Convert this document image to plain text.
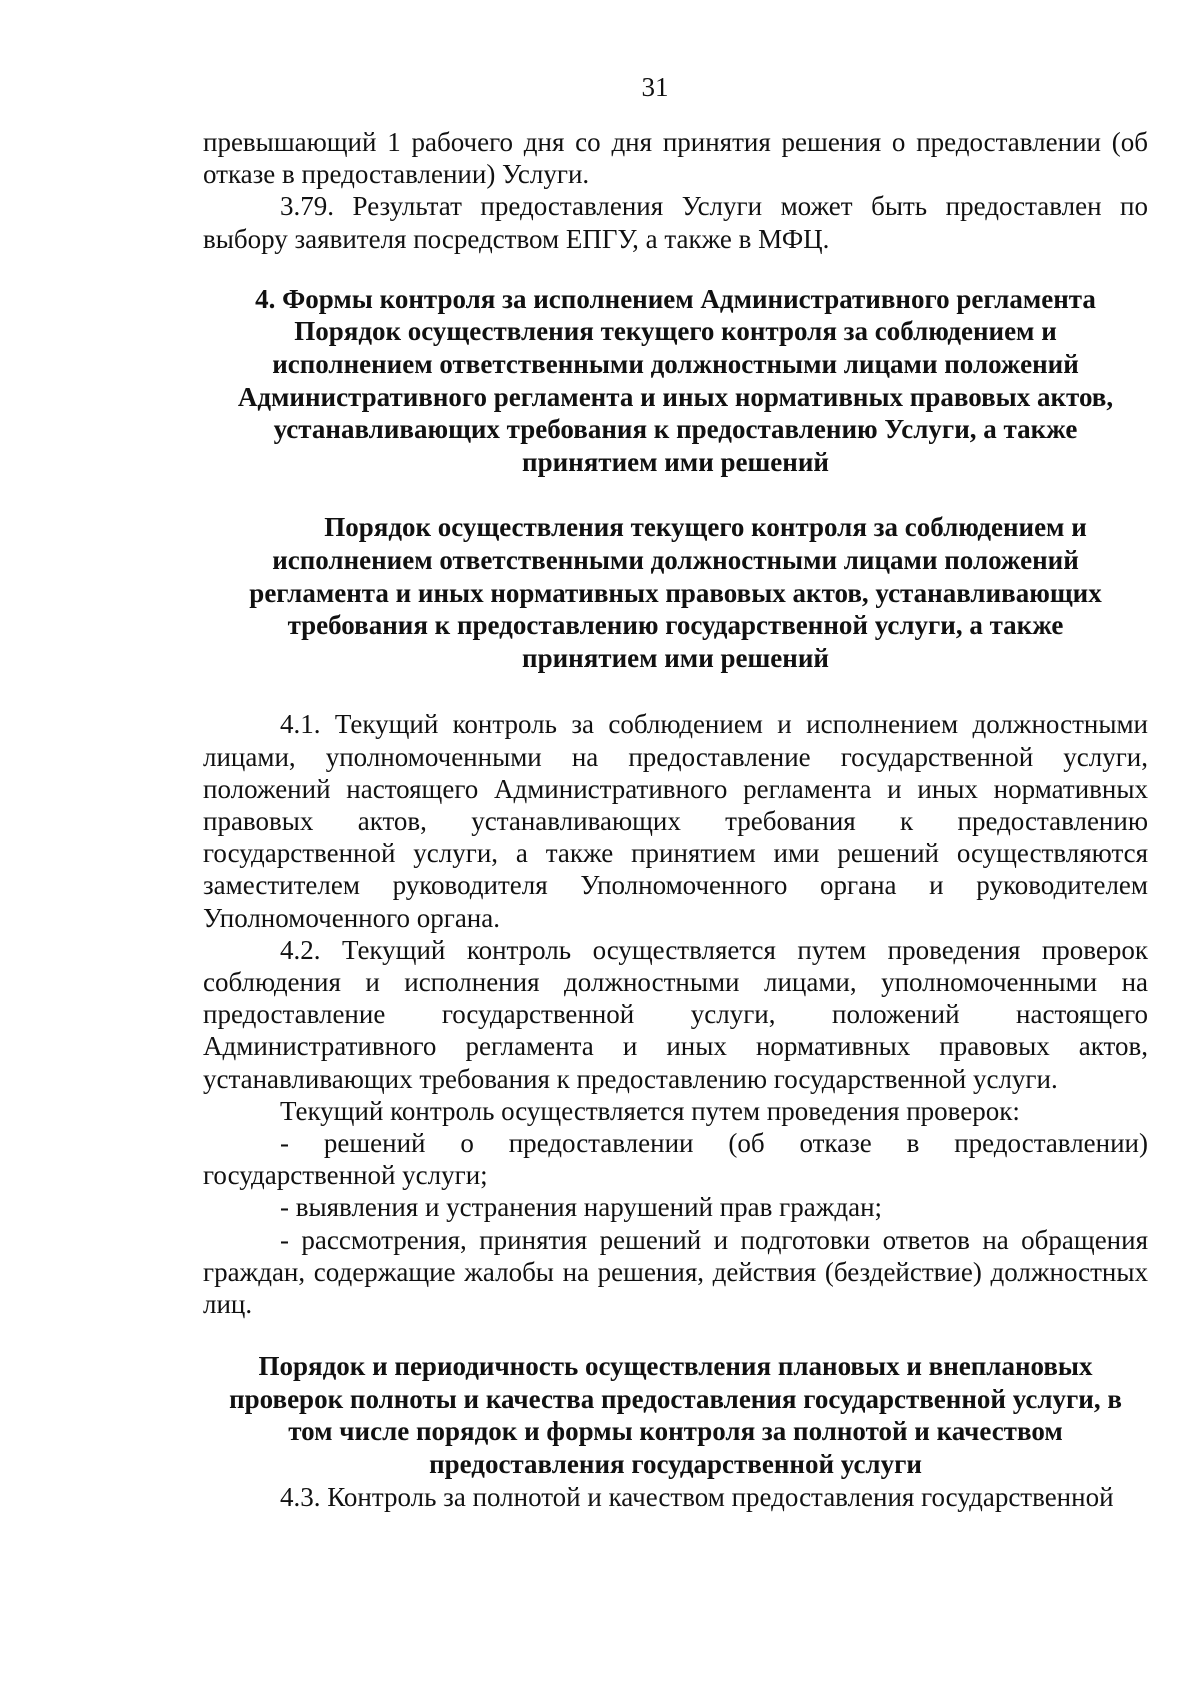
31

превышающий 1 рабочего дня со дня принятия решения о предоставлении (об отказе в предоставлении) Услуги.

3.79. Результат предоставления Услуги может быть предоставлен по выбору заявителя посредством ЕПГУ, а также в МФЦ.

4. Формы контроля за исполнением Административного регламента
Порядок осуществления текущего контроля за соблюдением и
исполнением ответственными должностными лицами положений
Административного регламента и иных нормативных правовых актов,
устанавливающих требования к предоставлению Услуги, а также
принятием ими решений

Порядок осуществления текущего контроля за соблюдением и
исполнением ответственными должностными лицами положений
регламента и иных нормативных правовых актов, устанавливающих
требования к предоставлению государственной услуги, а также
принятием ими решений

4.1. Текущий контроль за соблюдением и исполнением должностными лицами, уполномоченными на предоставление государственной услуги, положений настоящего Административного регламента и иных нормативных правовых актов, устанавливающих требования к предоставлению государственной услуги, а также принятием ими решений осуществляются заместителем руководителя Уполномоченного органа и руководителем Уполномоченного органа.

4.2. Текущий контроль осуществляется путем проведения проверок соблюдения и исполнения должностными лицами, уполномоченными на предоставление государственной услуги, положений настоящего Административного регламента и иных нормативных правовых актов, устанавливающих требования к предоставлению государственной услуги.

Текущий контроль осуществляется путем проведения проверок:

- решений о предоставлении (об отказе в предоставлении) государственной услуги;

- выявления и устранения нарушений прав граждан;

- рассмотрения, принятия решений и подготовки ответов на обращения граждан, содержащие жалобы на решения, действия (бездействие) должностных лиц.

Порядок и периодичность осуществления плановых и внеплановых
проверок полноты и качества предоставления государственной услуги, в
том числе порядок и формы контроля за полнотой и качеством
предоставления государственной услуги

4.3. Контроль за полнотой и качеством предоставления государственной
